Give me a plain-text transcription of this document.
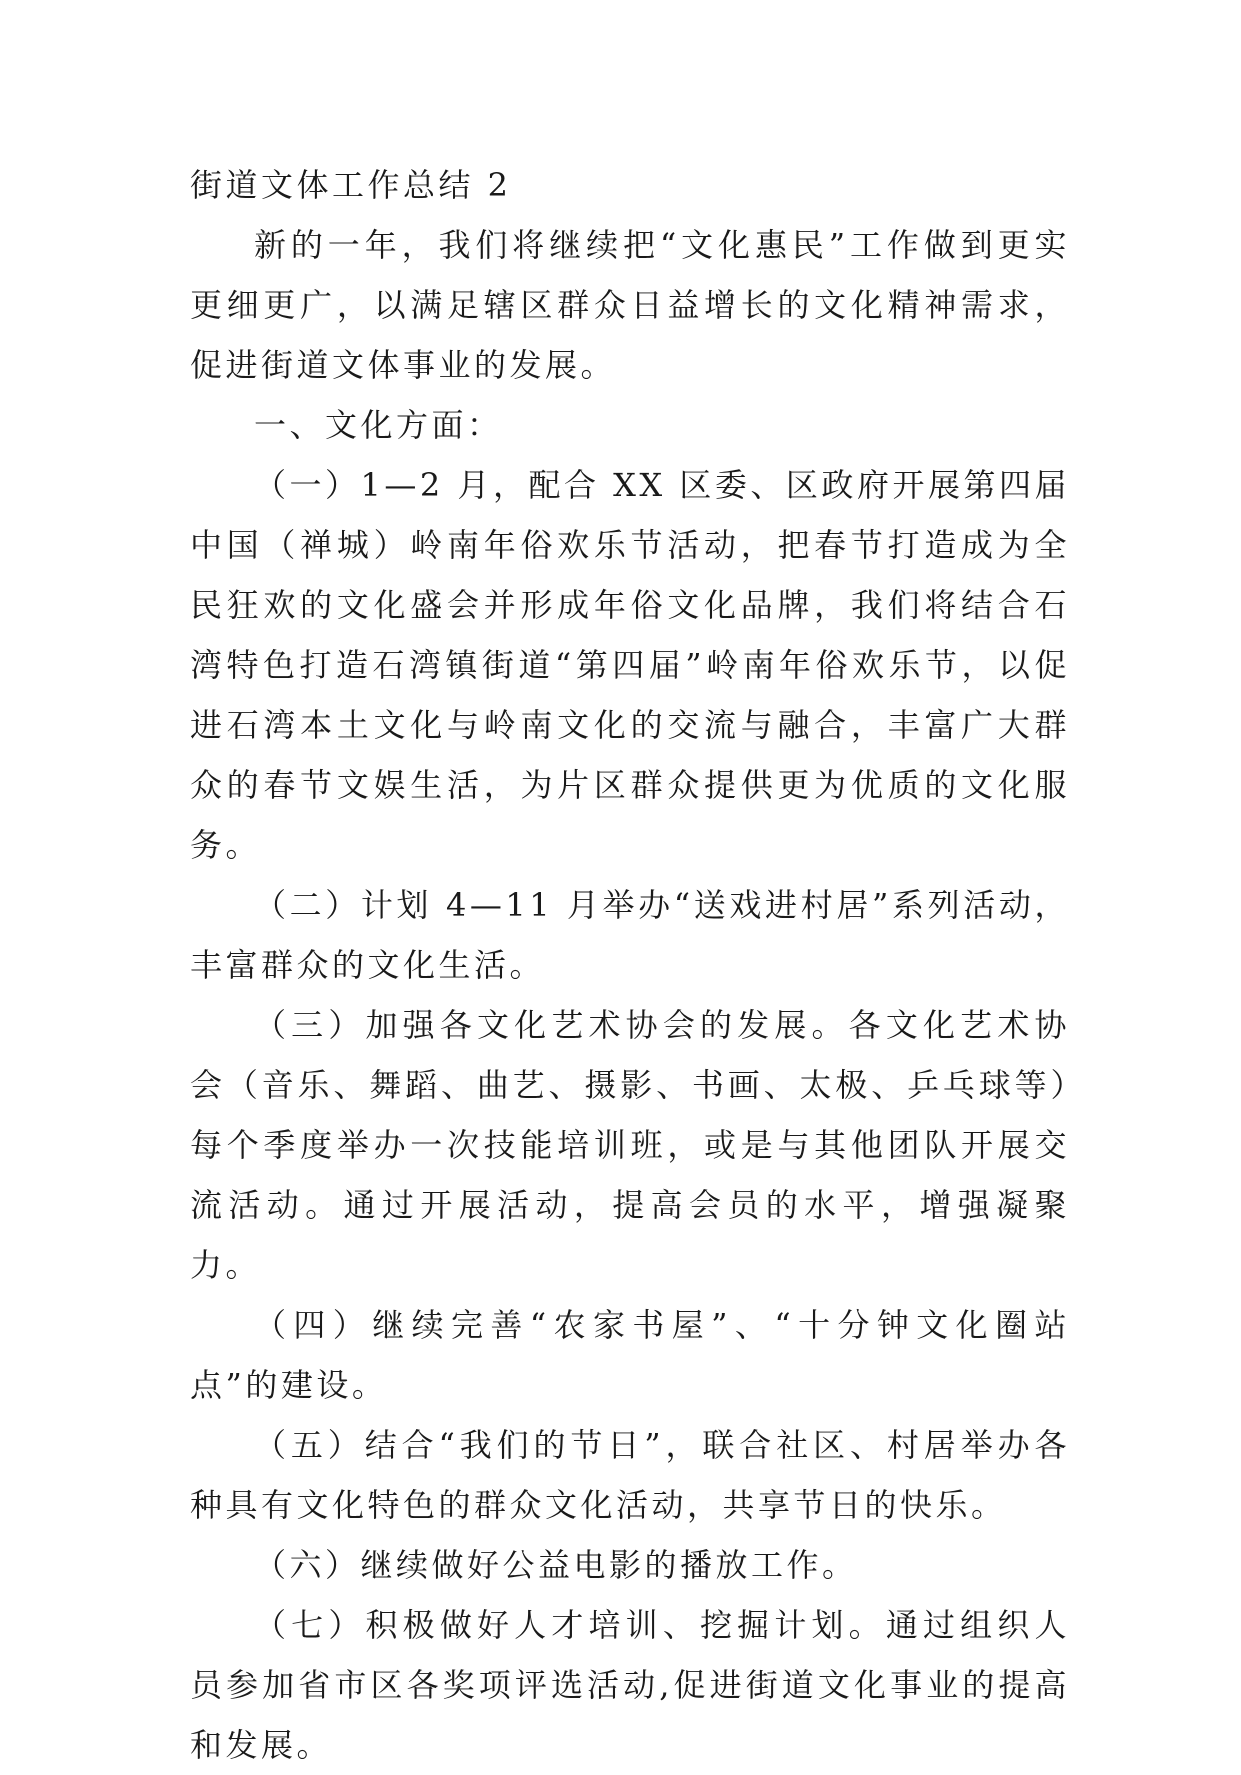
街道文体工作总结 2

新的一年，我们将继续把“文化惠民”工作做到更实更细更广，以满足辖区群众日益增长的文化精神需求，促进街道文体事业的发展。

一、文化方面：

（一）1—2 月，配合 XX 区委、区政府开展第四届中国（禅城）岭南年俗欢乐节活动，把春节打造成为全民狂欢的文化盛会并形成年俗文化品牌，我们将结合石湾特色打造石湾镇街道“第四届”岭南年俗欢乐节，以促进石湾本土文化与岭南文化的交流与融合，丰富广大群众的春节文娱生活，为片区群众提供更为优质的文化服务。

（二）计划 4—11 月举办“送戏进村居”系列活动，丰富群众的文化生活。

（三）加强各文化艺术协会的发展。各文化艺术协会（音乐、舞蹈、曲艺、摄影、书画、太极、乒乓球等）每个季度举办一次技能培训班，或是与其他团队开展交流活动。通过开展活动，提高会员的水平，增强凝聚力。

（四）继续完善“农家书屋”、“十分钟文化圈站点”的建设。

（五）结合“我们的节日”，联合社区、村居举办各种具有文化特色的群众文化活动，共享节日的快乐。

（六）继续做好公益电影的播放工作。

（七）积极做好人才培训、挖掘计划。通过组织人员参加省市区各奖项评选活动,促进街道文化事业的提高和发展。
